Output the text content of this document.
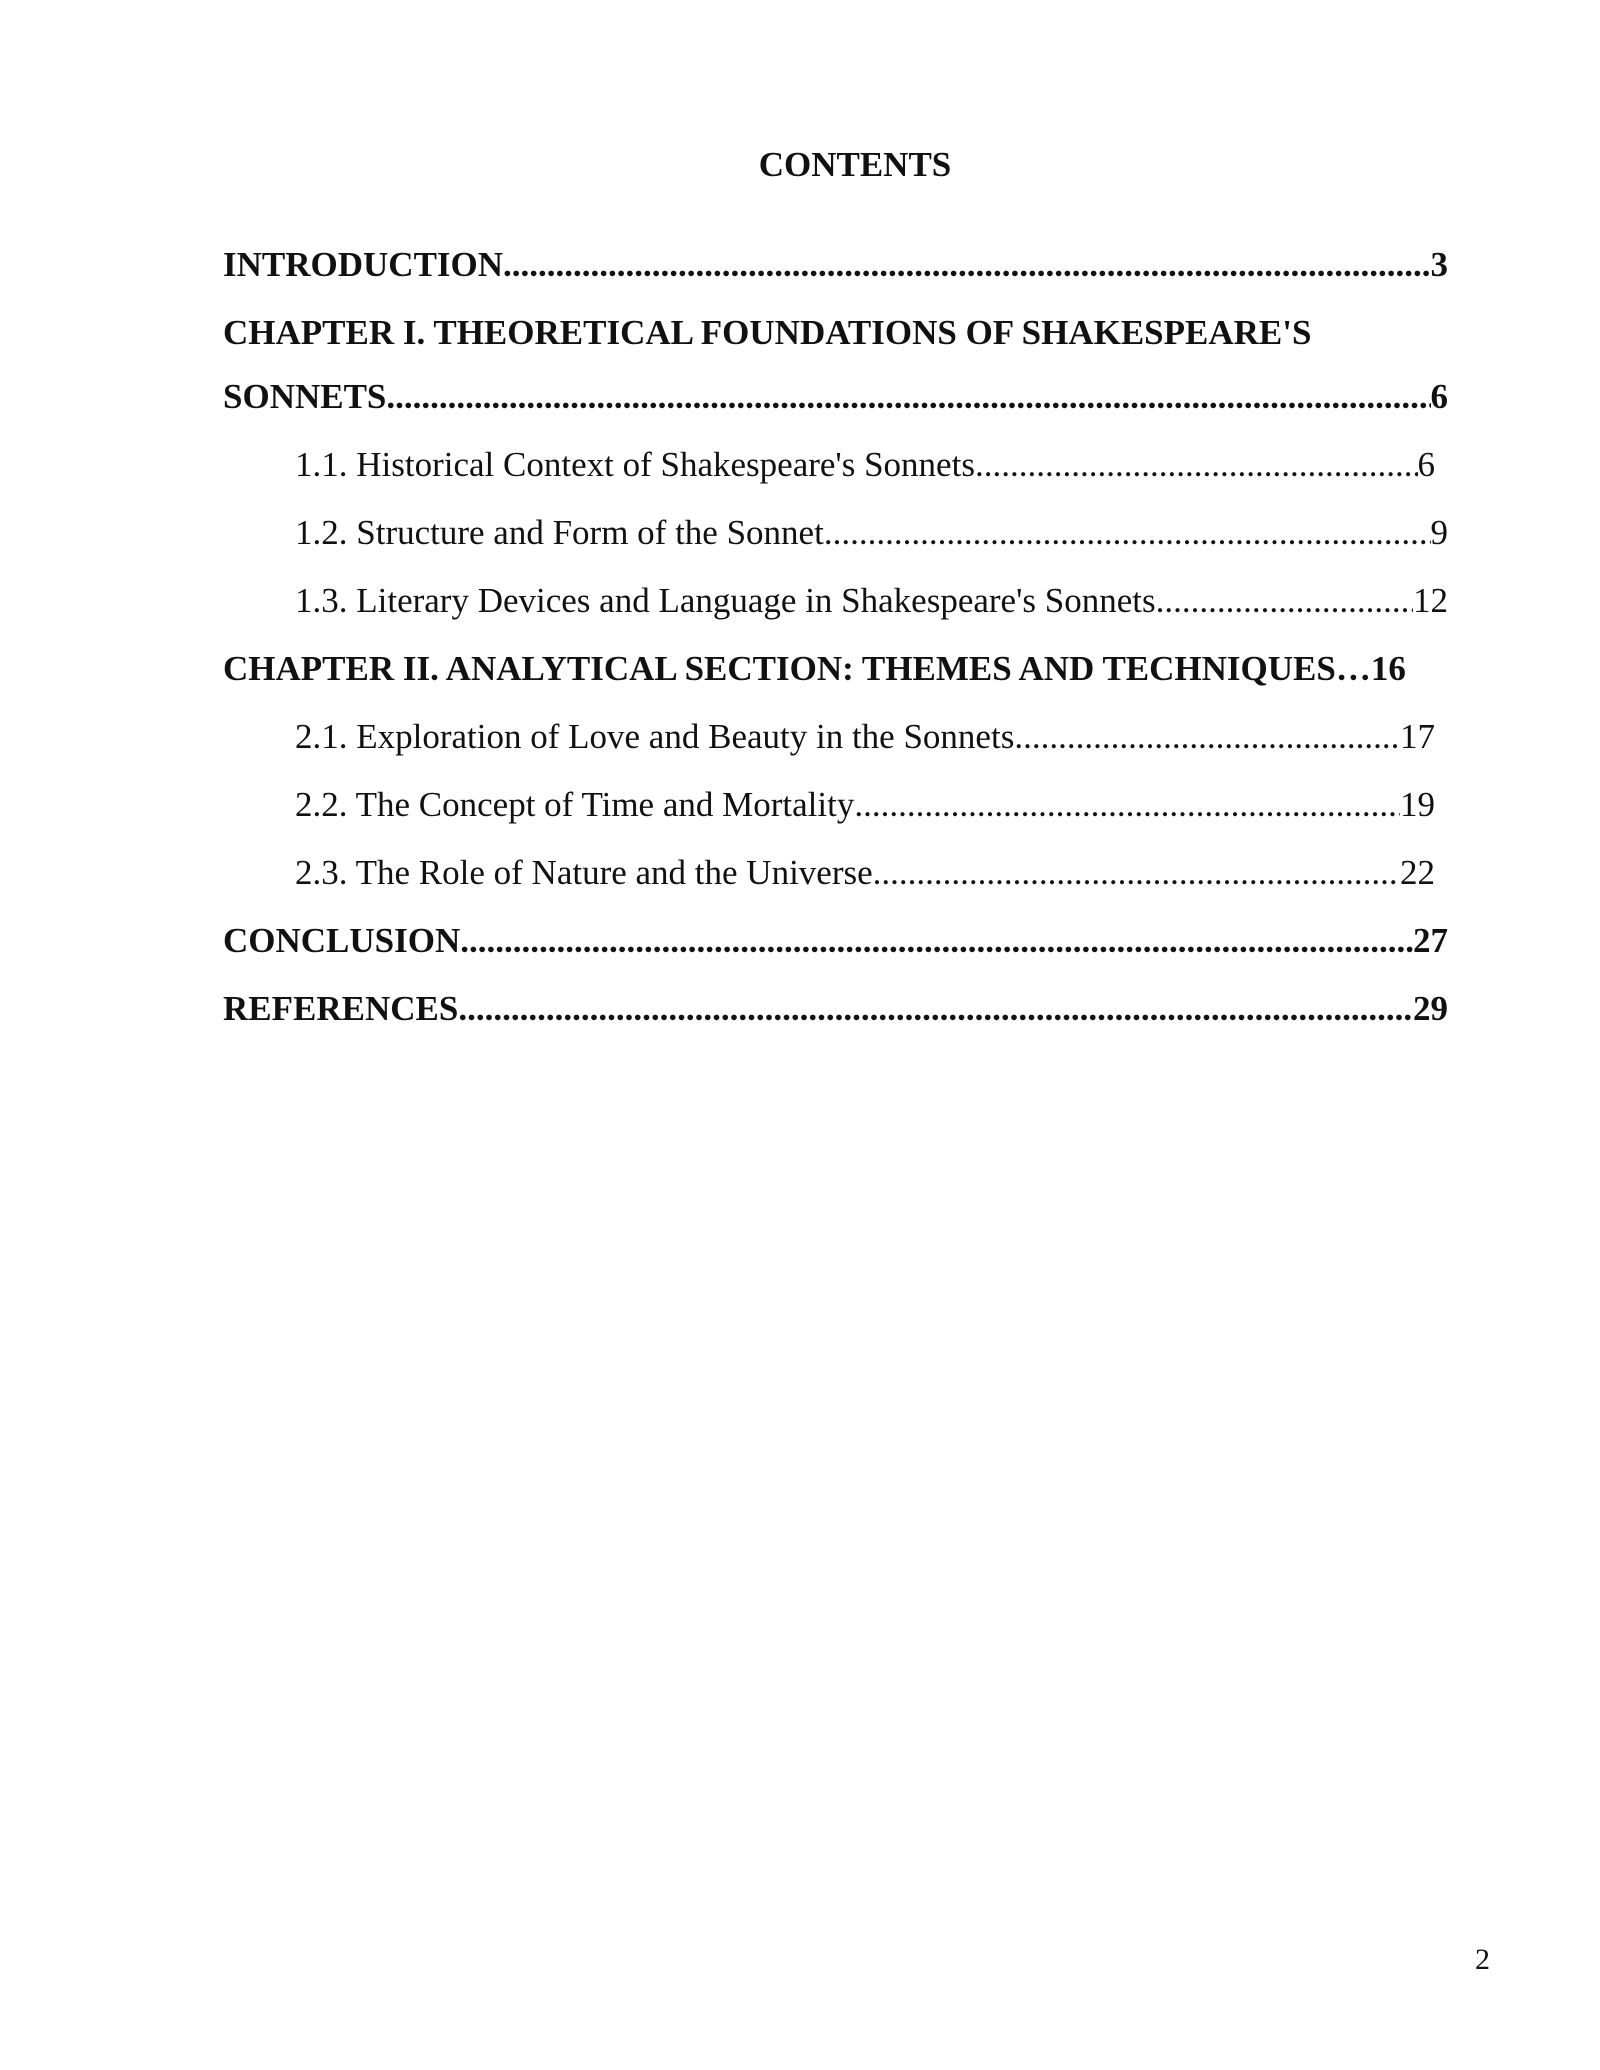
CONTENTS
INTRODUCTION .....	3
CHAPTER I. THEORETICAL FOUNDATIONS OF SHAKESPEARE'S
SONNETS .....	6
1.1. Historical Context of Shakespeare's Sonnets .....	6
1.2. Structure and Form of the Sonnet .....	9
1.3. Literary Devices and Language in Shakespeare's Sonnets .....	12
CHAPTER II. ANALYTICAL SECTION: THEMES AND TECHNIQUES … 16
2.1. Exploration of Love and Beauty in the Sonnets .....	17
2.2. The Concept of Time and Mortality .....	19
2.3. The Role of Nature and the Universe .....	22
CONCLUSION .....	27
REFERENCES .....	29
2
